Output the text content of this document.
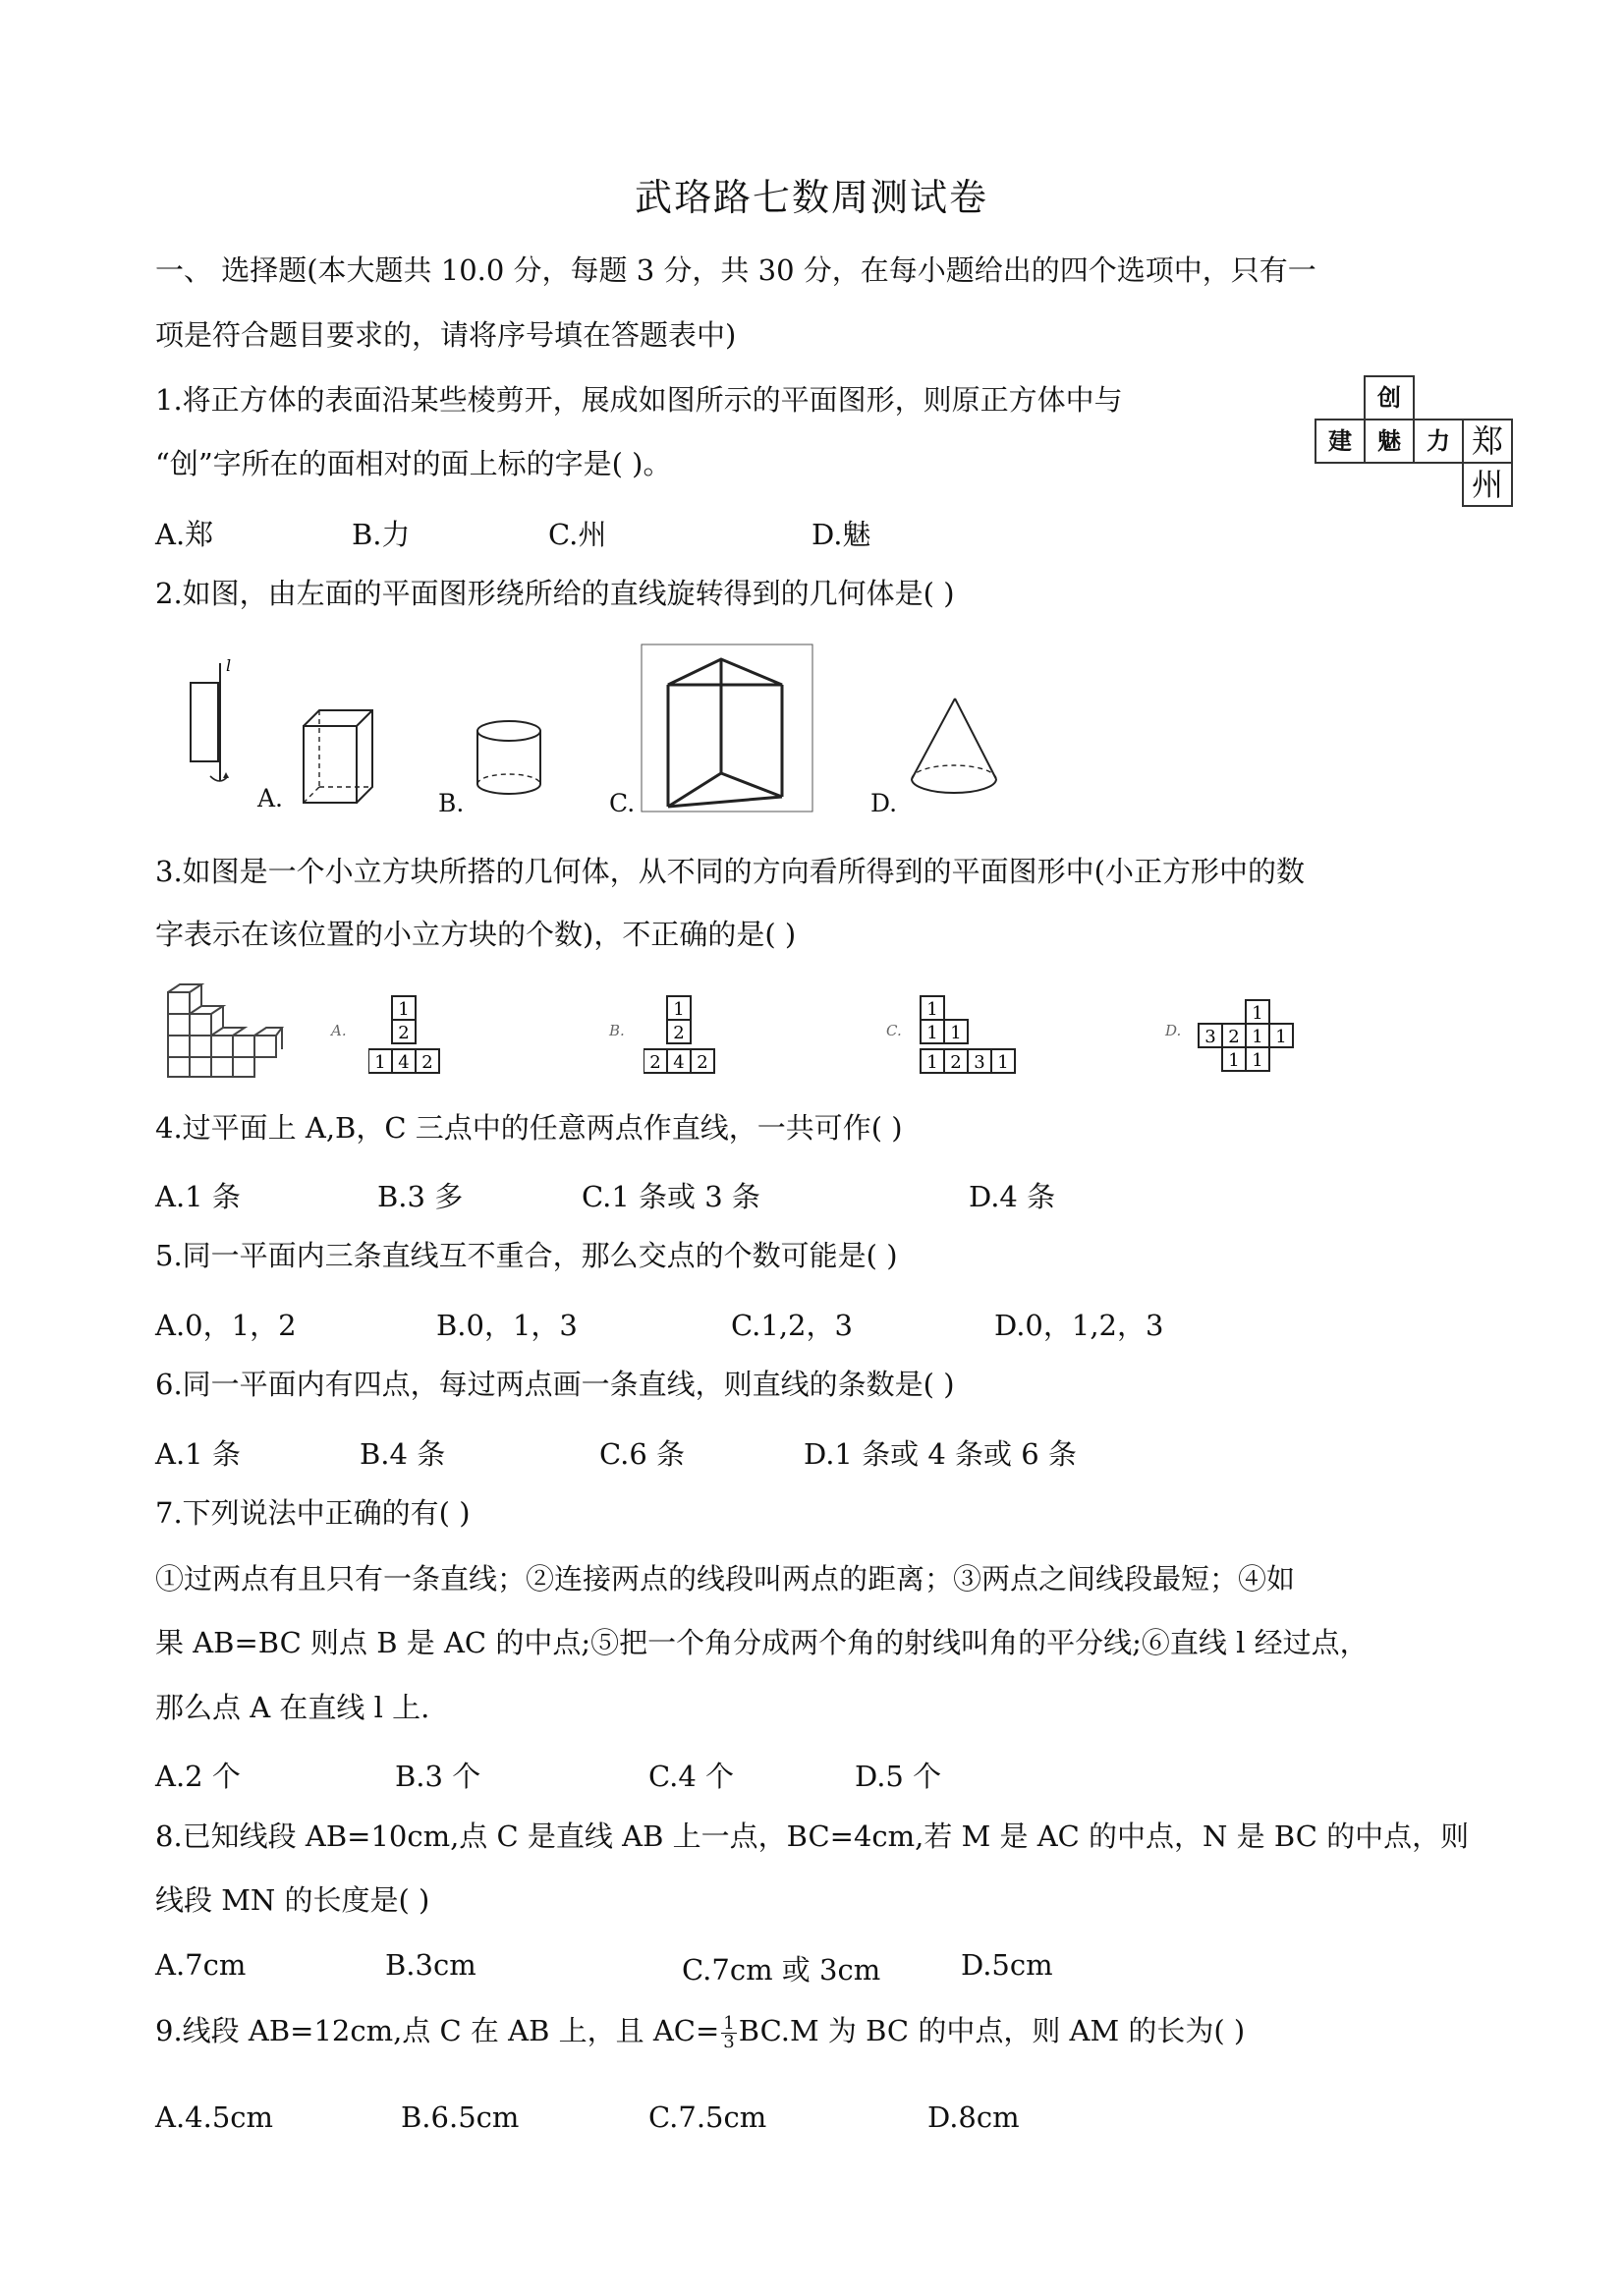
武珞路七数周测试卷
一、 选择题(本大题共 10.0 分，每题 3 分，共 30 分，在每小题给出的四个选项中，只有一
项是符合题目要求的，请将序号填在答题表中)
1.将正方体的表面沿某些棱剪开，展成如图所示的平面图形，则原正方体中与
“创”字所在的面相对的面上标的字是( )。
A.郑	B.力	C.州	D.魅
创
建	魅	力 郑
州
2.如图，由左面的平面图形绕所给的直线旋转得到的几何体是( )
l
A.	B.	C.	D.
3.如图是一个小立方块所搭的几何体，从不同的方向看所得到的平面图形中(小正方形中的数
字表示在该位置的小立方块的个数)，不正确的是( )
A.
1
2
1 4 2
B.
1
2
2 4 2
C.
1
1 1
1 2 3 1
D.
1
3 2 1 1
1 1
4.过平面上 A,B，C 三点中的任意两点作直线，一共可作( )
A.1 条	B.3 多	C.1 条或 3 条	D.4 条
5.同一平面内三条直线互不重合，那么交点的个数可能是( )
A.0，1，2	B.0，1，3	C.1,2，3	D.0，1,2，3
6.同一平面内有四点，每过两点画一条直线，则直线的条数是( )
A.1 条	B.4 条	C.6 条	D.1 条或 4 条或 6 条
7.下列说法中正确的有( )
①过两点有且只有一条直线；②连接两点的线段叫两点的距离；③两点之间线段最短；④如
果 AB=BC 则点 B 是 AC 的中点;⑤把一个角分成两个角的射线叫角的平分线;⑥直线 l 经过点，
那么点 A 在直线 l 上.
A.2 个	B.3 个	C.4 个	D.5 个
8.已知线段 AB=10cm,点 C 是直线 AB 上一点，BC=4cm,若 M 是 AC 的中点，N 是 BC 的中点，则
线段 MN 的长度是( )
A.7cm	B.3cm	C.7cm 或 3cm	D.5cm
9.线段 AB=12cm,点 C 在 AB 上，且 $AC= \frac{1}{3} BC.M$ 为 BC 的中点，则 AM 的长为( )
A.4.5cm	B.6.5cm	C.7.5cm	D.8cm
